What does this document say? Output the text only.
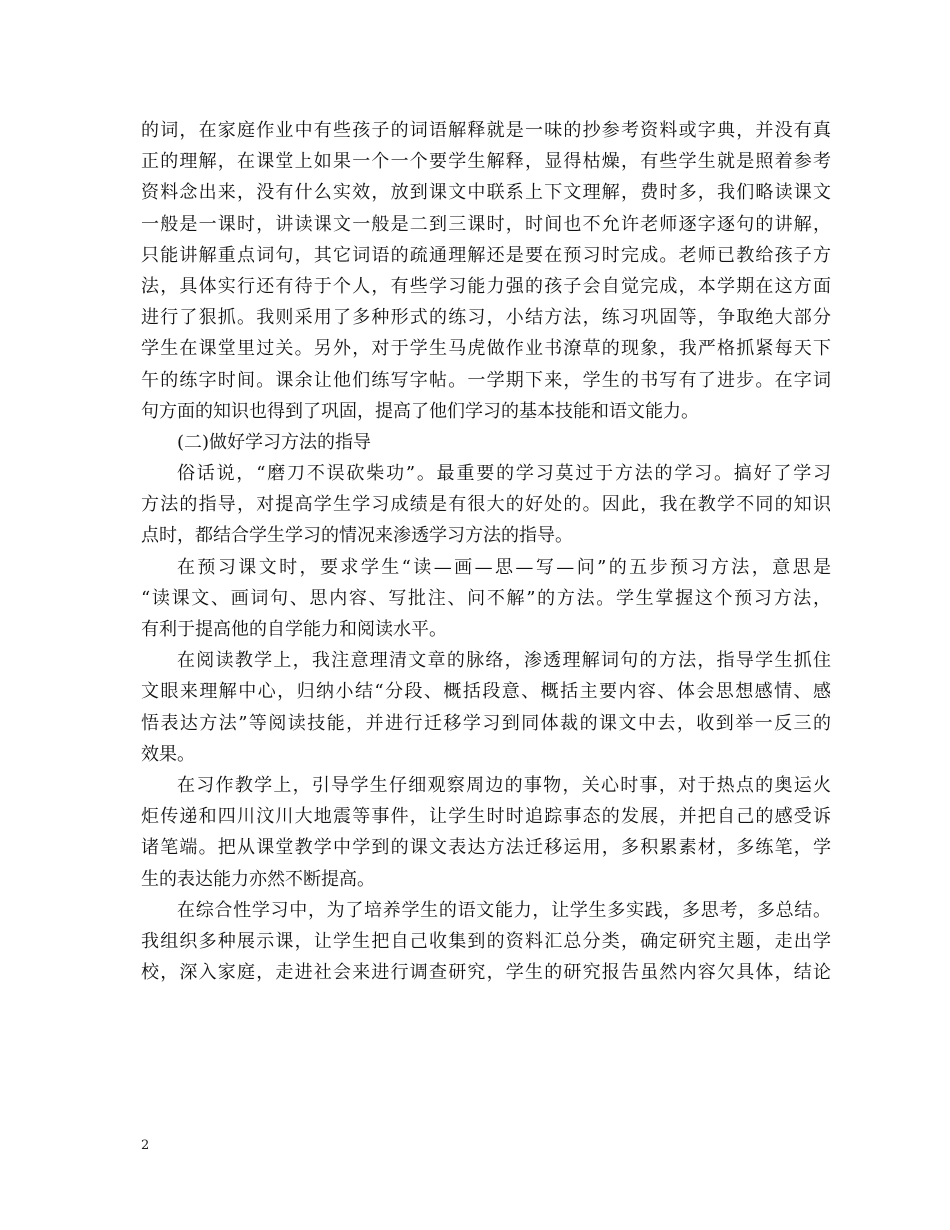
的词，在家庭作业中有些孩子的词语解释就是一味的抄参考资料或字典，并没有真
正的理解，在课堂上如果一个一个要学生解释，显得枯燥，有些学生就是照着参考
资料念出来，没有什么实效，放到课文中联系上下文理解，费时多，我们略读课文
一般是一课时，讲读课文一般是二到三课时，时间也不允许老师逐字逐句的讲解，
只能讲解重点词句，其它词语的疏通理解还是要在预习时完成。老师已教给孩子方
法，具体实行还有待于个人，有些学习能力强的孩子会自觉完成，本学期在这方面
进行了狠抓。我则采用了多种形式的练习，小结方法，练习巩固等，争取绝大部分
学生在课堂里过关。另外，对于学生马虎做作业书潦草的现象，我严格抓紧每天下
午的练字时间。课余让他们练写字帖。一学期下来，学生的书写有了进步。在字词
句方面的知识也得到了巩固，提高了他们学习的基本技能和语文能力。
(二)做好学习方法的指导
俗话说，“磨刀不误砍柴功”。最重要的学习莫过于方法的学习。搞好了学习
方法的指导，对提高学生学习成绩是有很大的好处的。因此，我在教学不同的知识
点时，都结合学生学习的情况来渗透学习方法的指导。
在预习课文时，要求学生“读—画—思—写—问”的五步预习方法，意思是
“读课文、画词句、思内容、写批注、问不解”的方法。学生掌握这个预习方法，
有利于提高他的自学能力和阅读水平。
在阅读教学上，我注意理清文章的脉络，渗透理解词句的方法，指导学生抓住
文眼来理解中心，归纳小结“分段、概括段意、概括主要内容、体会思想感情、感
悟表达方法”等阅读技能，并进行迁移学习到同体裁的课文中去，收到举一反三的
效果。
在习作教学上，引导学生仔细观察周边的事物，关心时事，对于热点的奥运火
炬传递和四川汶川大地震等事件，让学生时时追踪事态的发展，并把自己的感受诉
诸笔端。把从课堂教学中学到的课文表达方法迁移运用，多积累素材，多练笔，学
生的表达能力亦然不断提高。
在综合性学习中，为了培养学生的语文能力，让学生多实践，多思考，多总结。
我组织多种展示课，让学生把自己收集到的资料汇总分类，确定研究主题，走出学
校，深入家庭，走进社会来进行调查研究，学生的研究报告虽然内容欠具体，结论
2
